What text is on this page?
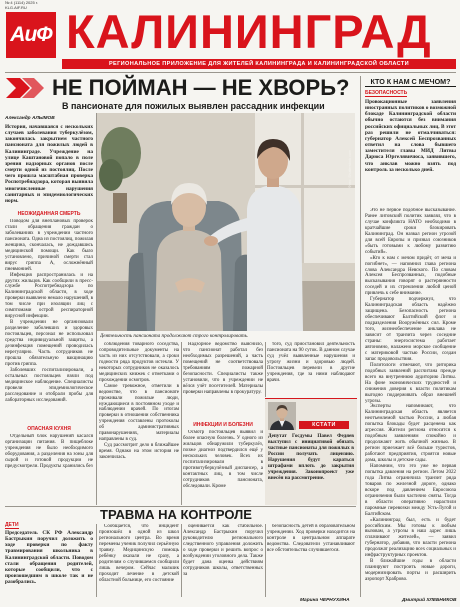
№ 4 (1114) 2025 г.
KLG.AIF.RU
АиФ КАЛИНИНГРАД
РЕГИОНАЛЬНОЕ ПРИЛОЖЕНИЕ ДЛЯ ЖИТЕЛЕЙ КАЛИНИНГРАДА И КАЛИНИНГРАДСКОЙ ОБЛАСТИ
НЕ ПОЙМАН — НЕ ХВОРЬ?
В пансионате для пожилых выявлен рассадник инфекции
Александр АЛЫМОВ

История, начавшаяся с нескольких случаев заболевания туберкулёзом, закончилась закрытием частного пансионата для пожилых людей в Калининграде. Учреждение на улице Каштановой попало в поле зрения надзорных органов после смерти одной из постоялиц. После чего прошла масштабная проверка Роспотребнадзора, которая выявила многочисленные нарушения санитарных и эпидемиологических норм.

НЕОЖИДАННАЯ СМЕРТЬ

Поводом для внеплановых проверок стали обращения граждан о заболеваниях в учреждении частного пансионата. Одна из постоялиц, пожилая женщина, скончалась, не дождавшись медицинской помощи. Как было установлено, причиной смерти стал вирус гриппа А, осложнённый пневмонией.

Инфекция распространилась и на других жильцов. Как сообщили в пресс-службе Роспотребнадзора по Калининградской области, в ходе проверки выявлено немало нарушений, в том числе при изоляции лиц с симптомами острой респираторной вирусной инфекции.

В учреждении не организовали разделение заболевших и здоровых постояльцев, персонал не использовал средства индивидуальной защиты, а дезинфекция помещений проводилась нерегулярно. Часть сотрудников не прошла обязательную вакцинацию против гриппа.

Заболевших госпитализировали, а остальных постояльцев взяли под медицинское наблюдение. Специалисты провели эпидемиологическое расследование и отобрали пробы для лабораторных исследований.

ОПАСНАЯ КУХНЯ

Отдельный блок нарушений касался организации питания. В пищеблоке учреждения не было необходимого оборудования, а разделения на зоны для сырой и готовой продукции не предусмотрели. Продукты хранились без

Фото: Shutterstock.com
Деятельность пансионата продолжают строго контролировать.

соблюдения товарного соседства, сопроводительные документы на часть из них отсутствовали, а сроки годности ряда продуктов истекли. У некоторых сотрудников не оказалось медицинских книжек с отметками о прохождении осмотров.

Самое тревожное, отметили в ведомстве, что в пансионате проживали пожилые люди, нуждающиеся в постоянном уходе и наблюдении врачей. По итогам проверки в отношении собственника учреждения составлены протоколы об административных правонарушениях, материалы направлены в суд.

Суд рассмотрит дело в ближайшее время. Однако на этом история не закончилась.

Надзорное ведомство выяснило, что пансионат работал без необходимых разрешений, а часть помещений не соответствовала требованиям пожарной безопасности. Специалисты также установили, что в учреждении не вёлся учёт посетителей. Материалы проверки направлены в прокуратуру.

ИНФЕКЦИИ И БОЛЕЗНИ

Осмотр постояльцев выявил и более опасную болезнь. У одного из жильцов обнаружили туберкулёз, позже диагноз подтвердился ещё у нескольких человек. Всех их госпитализировали в противотуберкулёзный диспансер, а контактных лиц, в том числе сотрудников пансионата, обследовали. Кроме

того, суд приостановил деятельность пансионата на 90 суток. В данном случае суд учёл выявленные нарушения и угрозу жизни и здоровью людей. Постояльцев перевели в другие учреждения, где за ними наблюдают врачи.

КСТАТИ

Депутат Госдумы Павел Федяев выступил с инициативой обязать частные пансионаты для пожилых в России получать лицензию. Нарушения будут караться штрафами вплоть до закрытия учреждения. Законопроект уже внесён на рассмотрение.

КТО К НАМ С МЕЧОМ?
БЕЗОПАСНОСТЬ

Провокационные заявления иностранных политиков о возможной блокаде Калининградской области обычно остаются без внимания российских официальных лиц. В этот раз решили не отмалчиваться: губернатор Алексей Беспрозванных ответил на слова бывшего заместителя главы МИД Литвы Дарюса Юргелявичюса, заявившего, что анклав можно взять под контроль за несколько дней.

Это не первое подобное высказывание. Ранее литовский политик заявлял, что в случае конфликта НАТО необходимо в кратчайшие сроки блокировать Калининград. Он назвал регион угрозой для всей Европы и призвал союзников «быть готовыми к любому развитию событий».

«Кто к нам с мечом придёт, от меча и погибнет», — напомнил глава региона слова Александра Невского. По словам Алексея Беспрозванных, подобные высказывания говорят о растерянности соседей и их стремлении любой ценой привлечь к себе внимание.

Губернатор подчеркнул, что Калининградская область надёжно защищена. Безопасность региона обеспечивают Балтийский флот и подразделения Вооружённых сил. Кроме того, жизнеобеспечение анклава не зависит от транзита через соседние страны: энергосистема работает автономно, налажено морское сообщение с материковой частью России, создан запас продовольствия.

Политологи отмечают, что риторика подобных заявлений рассчитана прежде всего на внутреннюю аудиторию Литвы. На фоне экономических трудностей и снижения доверия к власти политикам выгодно поддерживать образ внешней угрозы.

Эксперты напоминают, что Калининградская область является неотъемлемой частью России, а любая попытка блокады будет расценена как агрессия. Жители региона относятся к подобным заявлениям спокойно и продолжают жить обычной жизнью. В регион приезжает всё больше туристов, работают предприятия, строятся новые дома, школы и детские сады.

Напомним, что это уже не первая попытка давления на регион. Летом 2022 года Литва ограничила транзит ряда товаров по железной дороге, однако вскоре под давлением Евросоюза ограничения были частично сняты. Тогда в области оперативно нарастили паромные перевозки между Усть-Лугой и Балтийском.

«Калининград был, есть и будет российским. Мы готовы к любым вызовам, а угрозы в наш адрес лишь сплачивают жителей», — заявил губернатор, добавив, что власти региона продолжат реализацию всех социальных и инфраструктурных проектов.

В ближайшие годы в области планируют построить новые дороги, модернизировать порты и расширить аэропорт Храброво.

Дмитрий ХЛЕБНИКОВ
ТРАВМА НА КОНТРОЛЕ
ДЕТИ

Председатель СК РФ Александр Бастрыкин поручил доложить о ходе проверки по факту травмирования школьника в Калининградской области. Поводом стали обращения родителей, которые сообщили, что с произошедшим в школе так и не разобрались.

Сообщается, что инцидент произошёл в одной из школ регионального центра. Во время перемены ученик получил серьёзную травму. Медицинскую помощь ребёнку оказали не сразу, а родителям о случившемся сообщили лишь вечером. Сейчас мальчик проходит лечение в детской областной больнице, его состояние

оценивается как стабильное. Александр Бастрыкин поручил руководителю регионального следственного управления доложить о ходе проверки и решить вопрос о возбуждении уголовного дела. Также будет дана оценка действиям сотрудников школы, ответственных за

безопасность детей в образовательном учреждении. Ход проверки находится на контроле в центральном аппарате ведомства. Следователи устанавливают все обстоятельства случившегося.

Марина ЧЕРНУХИНА
